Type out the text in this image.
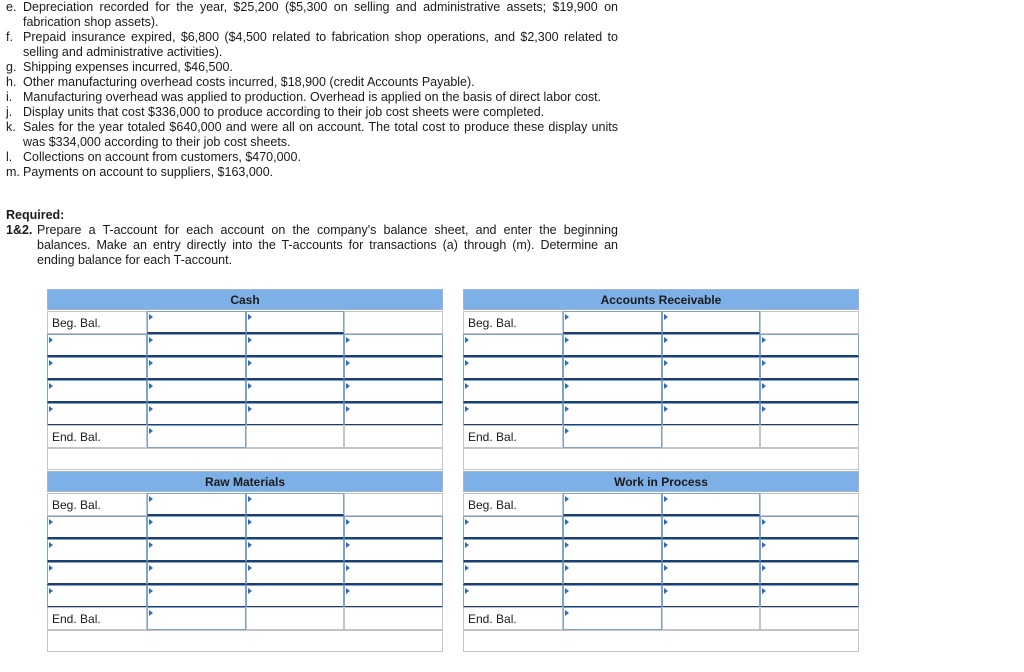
e. Depreciation recorded for the year, $25,200 ($5,300 on selling and administrative assets; $19,900 on fabrication shop assets).
f. Prepaid insurance expired, $6,800 ($4,500 related to fabrication shop operations, and $2,300 related to selling and administrative activities).
g. Shipping expenses incurred, $46,500.
h. Other manufacturing overhead costs incurred, $18,900 (credit Accounts Payable).
i. Manufacturing overhead was applied to production. Overhead is applied on the basis of direct labor cost.
j. Display units that cost $336,000 to produce according to their job cost sheets were completed.
k. Sales for the year totaled $640,000 and were all on account. The total cost to produce these display units was $334,000 according to their job cost sheets.
l. Collections on account from customers, $470,000.
m. Payments on account to suppliers, $163,000.
Required:
1&2. Prepare a T-account for each account on the company's balance sheet, and enter the beginning balances. Make an entry directly into the T-accounts for transactions (a) through (m). Determine an ending balance for each T-account.
Cash
Beg. Bal.
End. Bal.
Accounts Receivable
Beg. Bal.
End. Bal.
Raw Materials
Beg. Bal.
End. Bal.
Work in Process
Beg. Bal.
End. Bal.
